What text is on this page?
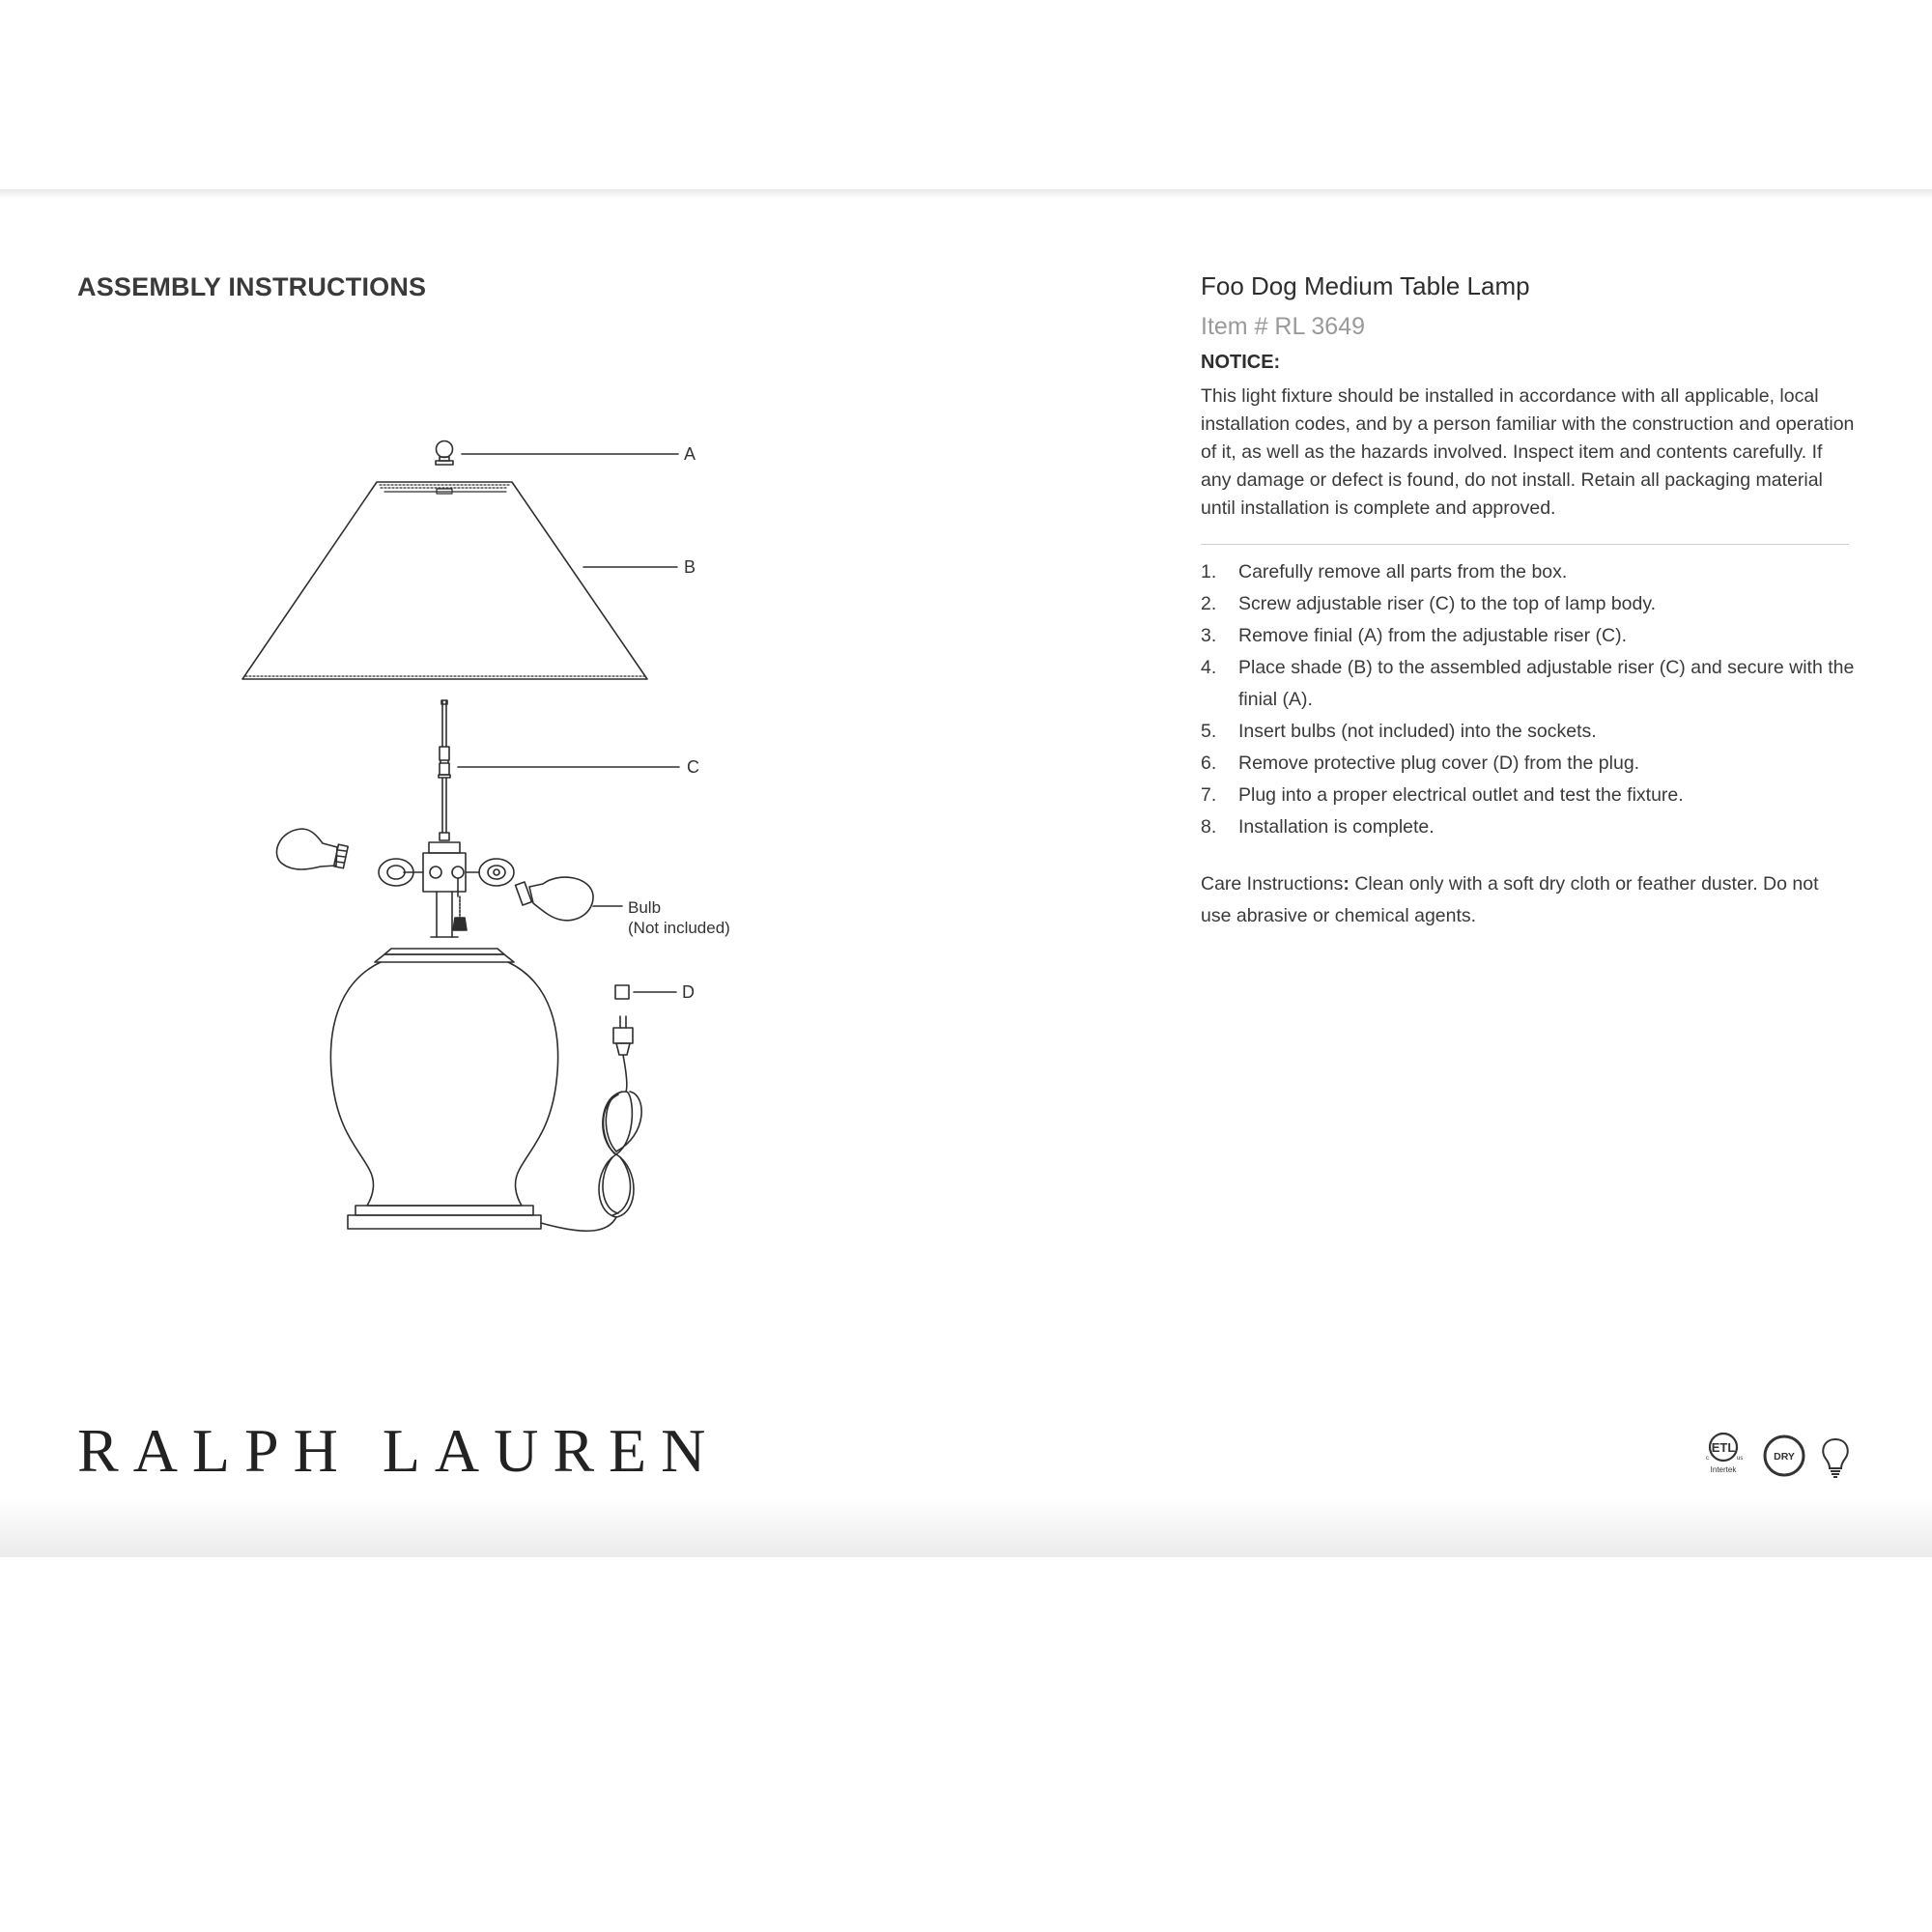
ASSEMBLY INSTRUCTIONS
A
B
C
D
Bulb
(Not included)
Foo Dog Medium Table Lamp

Item # RL 3649

NOTICE:

This light fixture should be installed in accordance with all applicable, local installation codes, and by a person familiar with the construction and operation of it, as well as the hazards involved. Inspect item and contents carefully. If any damage or defect is found, do not install. Retain all packaging material until installation is complete and approved.

1. Carefully remove all parts from the box.
2. Screw adjustable riser (C) to the top of lamp body.
3. Remove finial (A) from the adjustable riser (C).
4. Place shade (B) to the assembled adjustable riser (C) and secure with the finial (A).
5. Insert bulbs (not included) into the sockets.
6. Remove protective plug cover (D) from the plug.
7. Plug into a proper electrical outlet and test the fixture.
8. Installation is complete.

Care Instructions: Clean only with a soft dry cloth or feather duster. Do not use abrasive or chemical agents.

RALPH LAUREN	ETL
c	us
Intertek
DRY
